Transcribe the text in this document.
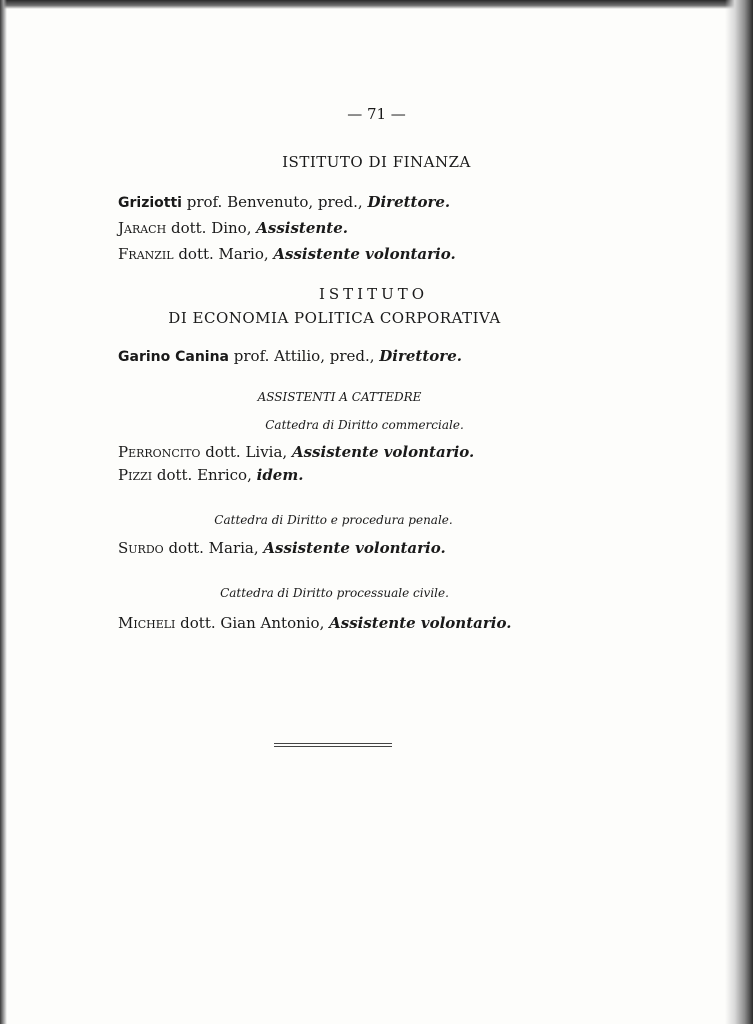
— 71 —
ISTITUTO DI FINANZA
Griziotti prof. Benvenuto, pred., Direttore.
Jarach dott. Dino, Assistente.
Franzil dott. Mario, Assistente volontario.
ISTITUTO
DI ECONOMIA POLITICA CORPORATIVA
Garino Canina prof. Attilio, pred., Direttore.
ASSISTENTI A CATTEDRE
Cattedra di Diritto commerciale.
Perroncito dott. Livia, Assistente volontario.
Pizzi dott. Enrico, idem.
Cattedra di Diritto e procedura penale.
Surdo dott. Maria, Assistente volontario.
Cattedra di Diritto processuale civile.
Micheli dott. Gian Antonio, Assistente volontario.
